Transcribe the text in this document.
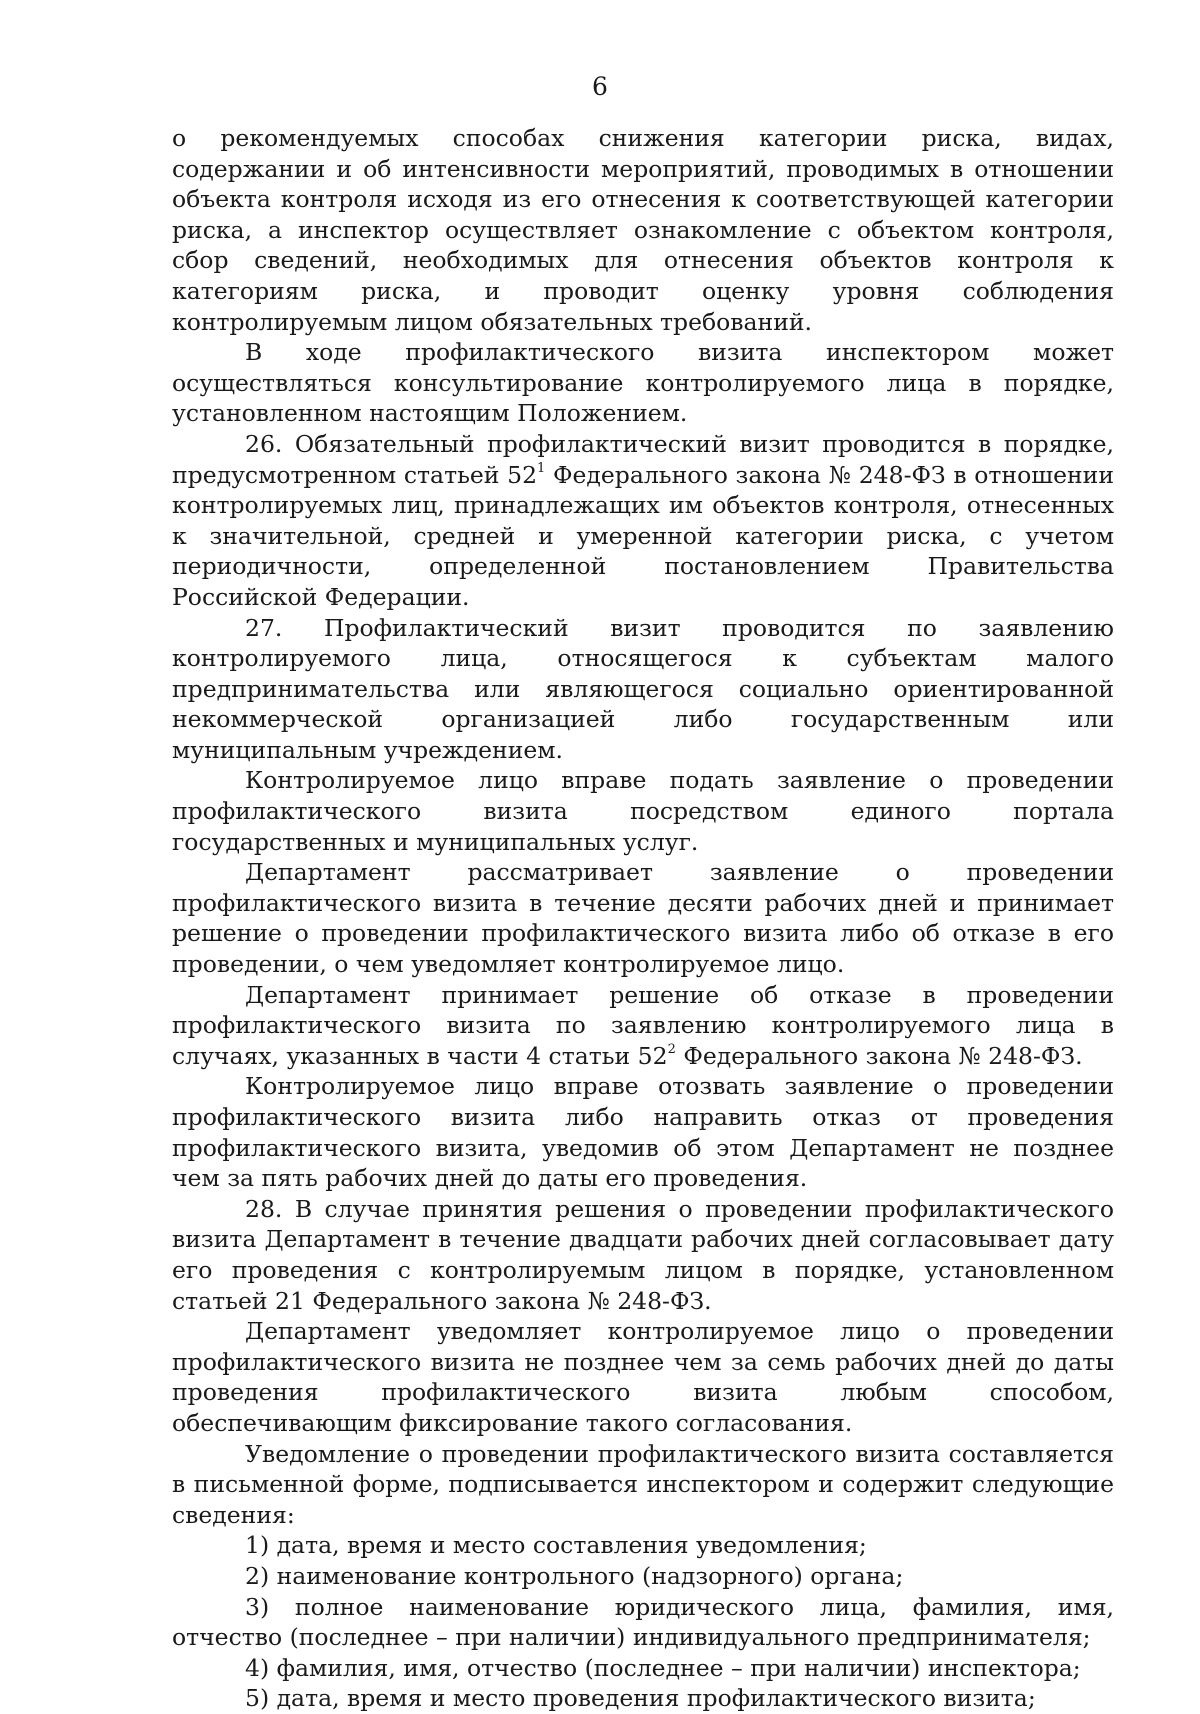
6

о рекомендуемых способах снижения категории риска, видах, содержании и об интенсивности мероприятий, проводимых в отношении объекта контроля исходя из его отнесения к соответствующей категории риска, а инспектор осуществляет ознакомление с объектом контроля, сбор сведений, необходимых для отнесения объектов контроля к категориям риска, и проводит оценку уровня соблюдения контролируемым лицом обязательных требований.

В ходе профилактического визита инспектором может осуществляться консультирование контролируемого лица в порядке, установленном настоящим Положением.

26. Обязательный профилактический визит проводится в порядке, предусмотренном статьей $52^1$ Федерального закона № 248-ФЗ в отношении контролируемых лиц, принадлежащих им объектов контроля, отнесенных к значительной, средней и умеренной категории риска, с учетом периодичности, определенной постановлением Правительства Российской Федерации.

27. Профилактический визит проводится по заявлению контролируемого лица, относящегося к субъектам малого предпринимательства или являющегося социально ориентированной некоммерческой организацией либо государственным или муниципальным учреждением.

Контролируемое лицо вправе подать заявление о проведении профилактического визита посредством единого портала государственных и муниципальных услуг.

Департамент рассматривает заявление о проведении профилактического визита в течение десяти рабочих дней и принимает решение о проведении профилактического визита либо об отказе в его проведении, о чем уведомляет контролируемое лицо.

Департамент принимает решение об отказе в проведении профилактического визита по заявлению контролируемого лица в случаях, указанных в части 4 статьи $52^2$ Федерального закона № 248-ФЗ.

Контролируемое лицо вправе отозвать заявление о проведении профилактического визита либо направить отказ от проведения профилактического визита, уведомив об этом Департамент не позднее чем за пять рабочих дней до даты его проведения.

28. В случае принятия решения о проведении профилактического визита Департамент в течение двадцати рабочих дней согласовывает дату его проведения с контролируемым лицом в порядке, установленном статьей 21 Федерального закона № 248-ФЗ.

Департамент уведомляет контролируемое лицо о проведении профилактического визита не позднее чем за семь рабочих дней до даты проведения профилактического визита любым способом, обеспечивающим фиксирование такого согласования.

Уведомление о проведении профилактического визита составляется в письменной форме, подписывается инспектором и содержит следующие сведения:

1) дата, время и место составления уведомления;

2) наименование контрольного (надзорного) органа;

3) полное наименование юридического лица, фамилия, имя, отчество (последнее – при наличии) индивидуального предпринимателя;

4) фамилия, имя, отчество (последнее – при наличии) инспектора;

5) дата, время и место проведения профилактического визита;
